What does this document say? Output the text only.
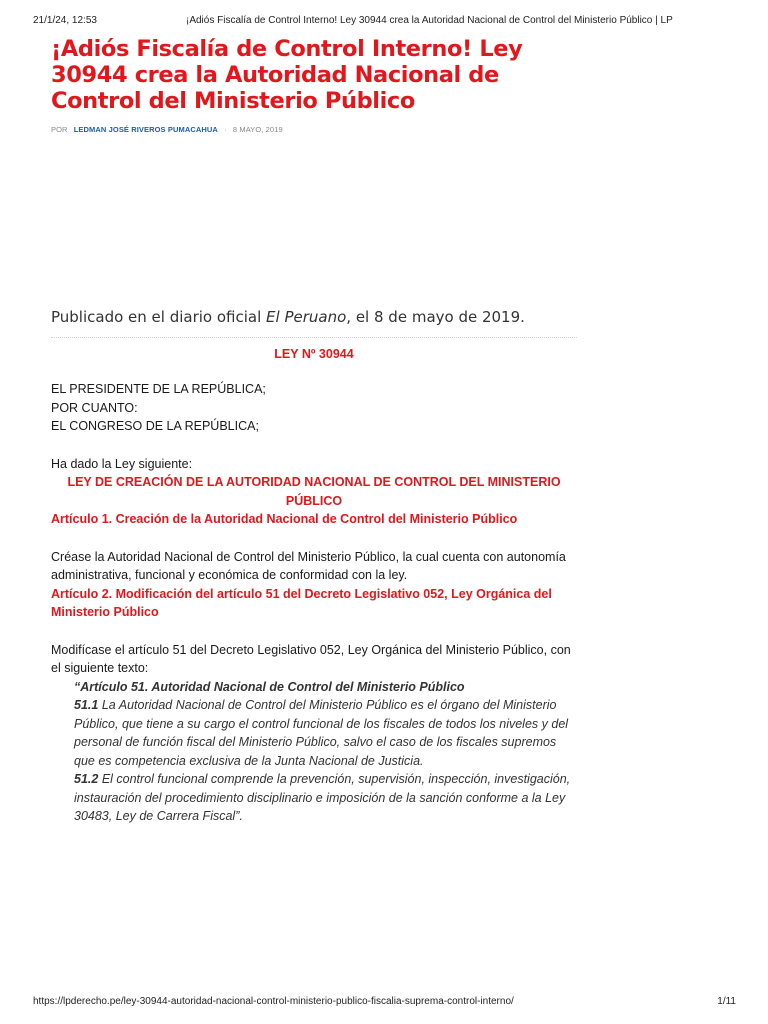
21/1/24, 12:53	¡Adiós Fiscalía de Control Interno! Ley 30944 crea la Autoridad Nacional de Control del Ministerio Público | LP
¡Adiós Fiscalía de Control Interno! Ley 30944 crea la Autoridad Nacional de Control del Ministerio Público
POR LEDMAN JOSÉ RIVEROS PUMACAHUA · 8 MAYO, 2019

Publicado en el diario oficial El Peruano, el 8 de mayo de 2019.

LEY Nº 30944

EL PRESIDENTE DE LA REPÚBLICA;

POR CUANTO:

EL CONGRESO DE LA REPÚBLICA;

Ha dado la Ley siguiente:

LEY DE CREACIÓN DE LA AUTORIDAD NACIONAL DE CONTROL DEL MINISTERIO PÚBLICO

Artículo 1. Creación de la Autoridad Nacional de Control del Ministerio Público

Créase la Autoridad Nacional de Control del Ministerio Público, la cual cuenta con autonomía administrativa, funcional y económica de conformidad con la ley.

Artículo 2. Modificación del artículo 51 del Decreto Legislativo 052, Ley Orgánica del Ministerio Público

Modifícase el artículo 51 del Decreto Legislativo 052, Ley Orgánica del Ministerio Público, con el siguiente texto:

“Artículo 51. Autoridad Nacional de Control del Ministerio Público

51.1 La Autoridad Nacional de Control del Ministerio Público es el órgano del Ministerio Público, que tiene a su cargo el control funcional de los fiscales de todos los niveles y del personal de función fiscal del Ministerio Público, salvo el caso de los fiscales supremos que es competencia exclusiva de la Junta Nacional de Justicia.

51.2 El control funcional comprende la prevención, supervisión, inspección, investigación, instauración del procedimiento disciplinario e imposición de la sanción conforme a la Ley 30483, Ley de Carrera Fiscal”.

https://lpderecho.pe/ley-30944-autoridad-nacional-control-ministerio-publico-fiscalia-suprema-control-interno/	1/11
